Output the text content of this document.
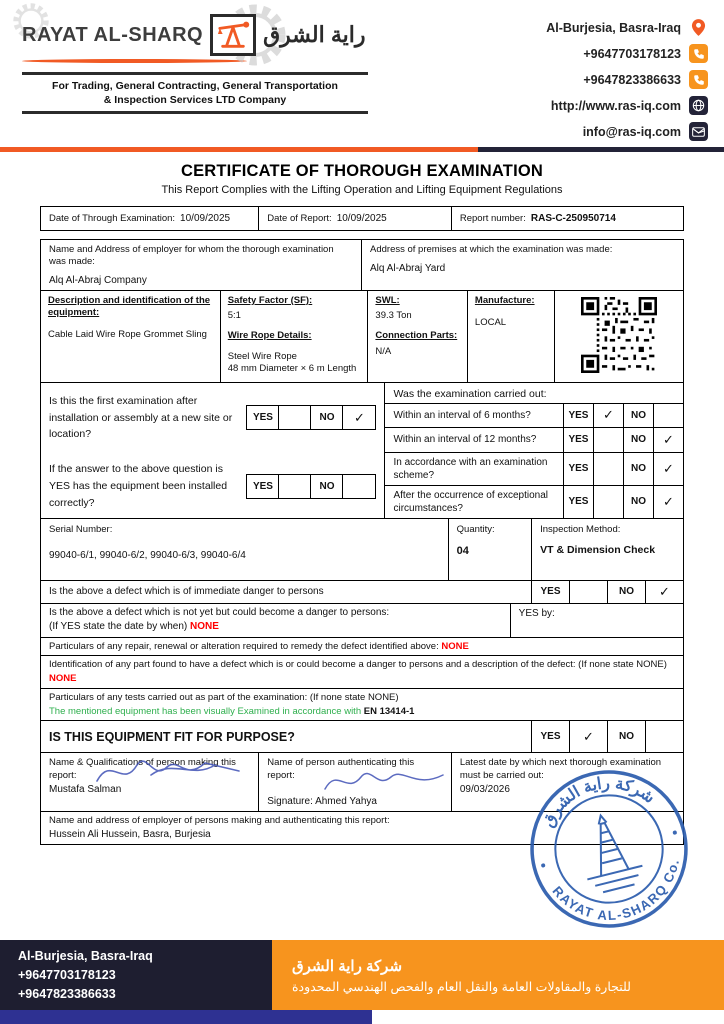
RAYAT AL-SHARQ	راية الشرق
For Trading, General Contracting, General Transportation
& Inspection Services LTD Company
Al-Burjesia, Basra-Iraq
+9647703178123
+9647823386633
http://www.ras-iq.com
info@ras-iq.com
CERTIFICATE OF THOROUGH EXAMINATION
This Report Complies with the Lifting Operation and Lifting Equipment Regulations
Date of Through Examination: 10/09/2025	Date of Report: 10/09/2025	Report number: RAS-C-250950714
Name and Address of employer for whom the thorough examination was made:
Alq Al-Abraj Company
Address of premises at which the examination was made:
Alq Al-Abraj Yard
Description and identification of the equipment:
Cable Laid Wire Rope Grommet Sling
Safety Factor (SF):
5:1
Wire Rope Details:
Steel Wire Rope
48 mm Diameter × 6 m Length
SWL:
39.3 Ton
Connection Parts:
N/A
Manufacture:
LOCAL
Is this the first examination after installation or assembly at a new site or location?
YES	NO	✓
If the answer to the above question is YES has the equipment been installed correctly?
YES	NO
Was the examination carried out:
Within an interval of 6 months?	YES	✓	NO
Within an interval of 12 months?	YES	NO	✓
In accordance with an examination scheme?
YES	NO	✓
After the occurrence of exceptional circumstances?
YES	NO	✓
Serial Number:
99040-6/1, 99040-6/2, 99040-6/3, 99040-6/4
Quantity:
04
Inspection Method:
VT & Dimension Check
Is the above a defect which is of immediate danger to persons	YES	NO	✓
Is the above a defect which is not yet but could become a danger to persons:
(If YES state the date by when) NONE
YES by:
Particulars of any repair, renewal or alteration required to remedy the defect identified above: NONE
Identification of any part found to have a defect which is or could become a danger to persons and a description of the defect: (If none state NONE) NONE
Particulars of any tests carried out as part of the examination: (If none state NONE)
The mentioned equipment has been visually Examined in accordance with EN 13414-1
IS THIS EQUIPMENT FIT FOR PURPOSE?	YES	✓	NO
Name & Qualifications of person making this report:
Mustafa Salman
Name of person authenticating this report:
Signature: Ahmed Yahya
Latest date by which next thorough examination must be carried out:
09/03/2026
Name and address of employer of persons making and authenticating this report:
Hussein Ali Hussein, Basra, Burjesia
شركة راية الشرق
RAYAT AL-SHARQ Co.
Al-Burjesia, Basra-Iraq
+9647703178123
+9647823386633
شركة راية الشرق
للتجارة والمقاولات العامة والنقل العام والفحص الهندسي المحدودة
